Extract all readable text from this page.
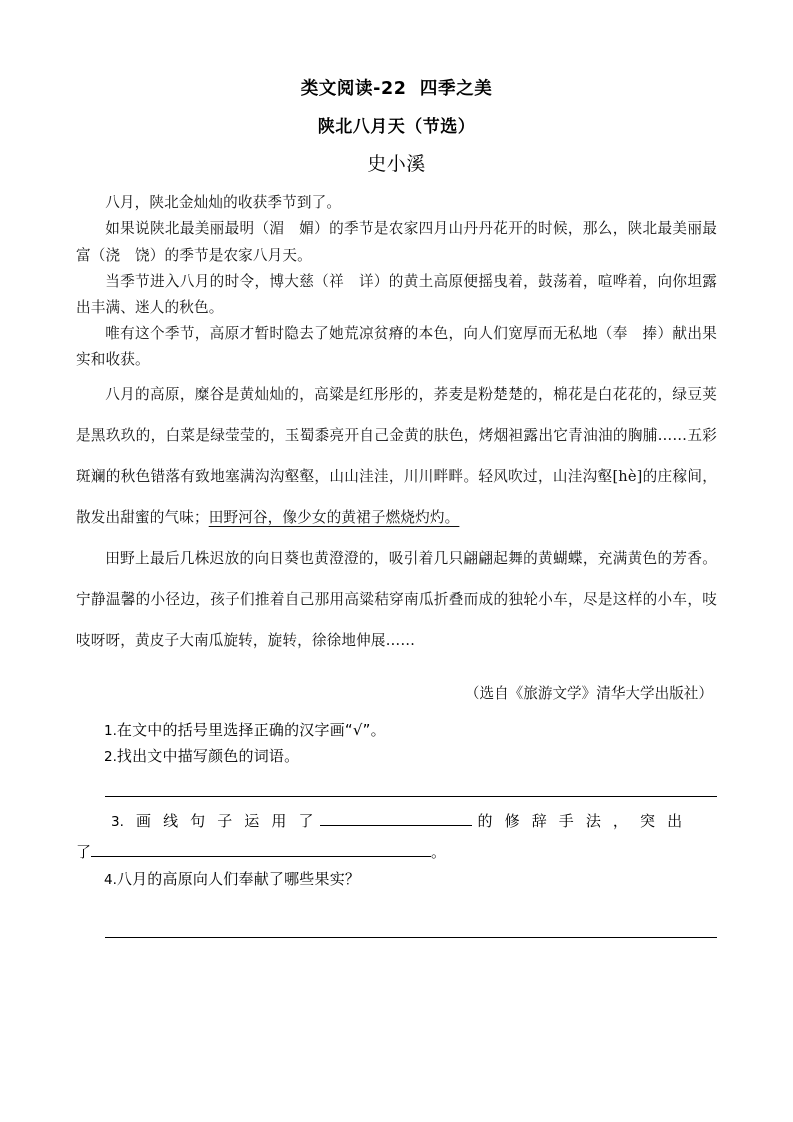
类文阅读-22  四季之美
陕北八月天（节选）
史小溪

八月，陕北金灿灿的收获季节到了。

如果说陕北最美丽最明（湄　媚）的季节是农家四月山丹丹花开的时候，那么，陕北最美丽最富（浇　饶）的季节是农家八月天。

当季节进入八月的时令，博大慈（祥　详）的黄土高原便摇曳着，鼓荡着，喧哗着，向你坦露出丰满、迷人的秋色。

唯有这个季节，高原才暂时隐去了她荒凉贫瘠的本色，向人们宽厚而无私地（奉　捧）献出果实和收获。

八月的高原，糜谷是黄灿灿的，高粱是红彤彤的，荞麦是粉楚楚的，棉花是白花花的，绿豆荚是黑玖玖的，白菜是绿莹莹的，玉蜀黍亮开自己金黄的肤色，烤烟袒露出它青油油的胸脯……五彩斑斓的秋色错落有致地塞满沟沟壑壑，山山洼洼，川川畔畔。轻风吹过，山洼沟壑[hè]的庄稼间，散发出甜蜜的气味；田野河谷，像少女的黄裙子燃烧灼灼。

田野上最后几株迟放的向日葵也黄澄澄的，吸引着几只翩翩起舞的黄蝴蝶，充满黄色的芳香。宁静温馨的小径边，孩子们推着自己那用高粱秸穿南瓜折叠而成的独轮小车，尽是这样的小车，吱吱呀呀，黄皮子大南瓜旋转，旋转，徐徐地伸展……

（选自《旅游文学》清华大学出版社）

1.在文中的括号里选择正确的汉字画“√”。

2.找出文中描写颜色的词语。

3. 画 线 句 子 运 用 了	的 修 辞 手 法 ， 突 出
了	。

4.八月的高原向人们奉献了哪些果实？
